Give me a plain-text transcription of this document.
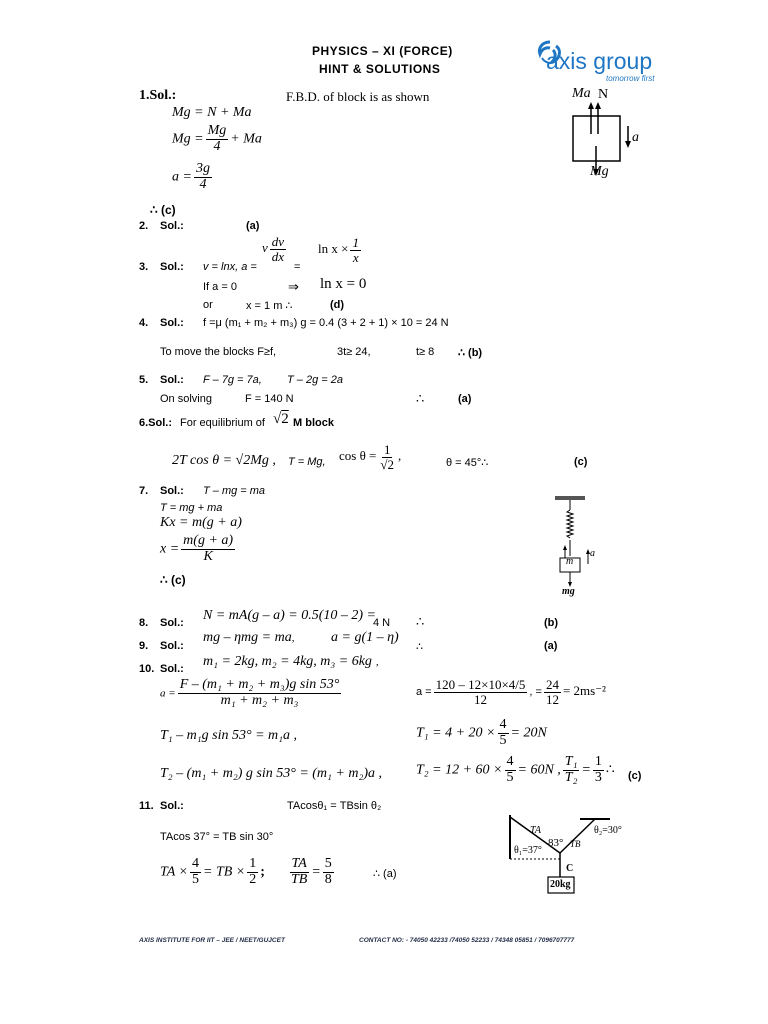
PHYSICS – XI (FORCE)
HINT & SOLUTIONS	axis group
tomorrow first
1.Sol.:	F.B.D. of block is as shown
Mg = N + Ma
$Mg = \frac{Mg}{4} + Ma$
$a = \frac{3g}{4}$
∴ (c)
Ma N
a
Mg
2. Sol.:	(a)
3. Sol.: v = lnx, a =
v $\frac{dv}{dx}$
=
$\ln x \times \frac{1}{x}$
If a = 0	⇒ ln x = 0
or	x = 1 m ∴	(d)
4. Sol.: f =μ (m₁ + m₂ + m₃) g = 0.4 (3 + 2 + 1) × 10 = 24 N
To move the blocks F≥f,	3t≥ 24,	t≥ 8 ∴ (b)
5. Sol.: F – 7g = 7a, T – 2g = 2a
On solving	F = 140 N	∴	(a)
6.Sol.: For equilibrium of √2 M block
2T cos θ = √2Mg , T = Mg, $\cos \theta = \frac{1}{√2}$ ,	θ = 45°∴	(c)
7. Sol.: T – mg = ma
T = mg + ma
Kx = m(g + a)
$x = \frac{m(g + a)}{K}$
∴ (c)
m
a
mg
8. Sol.: N = mA(g – a) = 0.5(10 – 2) =
4 N ∴	(b)
9. Sol.:
mg – ηmg = ma,	a = g(1 – η)
∴	(a)
10. Sol.: m₁ = 2kg, m₂ = 4kg, m₃ = 6kg ,
$a = \frac{\text{F – (m₁ + m₂ + m₃)g sin 53°}}{\text{m₁ + m₂ + m₃}}$	$a = \frac{120 - 12\times 10\times 4/5}{12}$ , = $\frac{24}{12} = 2ms^{-2}$
T₁ – m₁g sin 53° = m₁a ,	$T_1 = 4 + 20 \times \frac{4}{5} = 20N$
T₂ – (m₁ + m₂) g sin 53° = (m₁ + m₂)a , $T_2 = 12 + 60 \times \frac{4}{5} = 60N$ , $\frac{\text{T₁}}{\text{T₂}} = \frac{1}{3}$ ∴ (c)
11. Sol.:	TAcosθ₁ = TBsin θ₂
TAcos 37° = TB sin 30°
TA × $\frac{4}{5}$ = TB × $\frac{1}{2}$ ; $\frac{TA}{TB} = \frac{5}{8}$	∴ (a)
TA
TB
θ₁=37°
θ₂=30°
83°
C
20kg
AXIS INSTITUTE FOR IIT – JEE / NEET/GUJCET	CONTACT NO: - 74050 42233 /74050 52233 / 74348 05851 / 7096707777
